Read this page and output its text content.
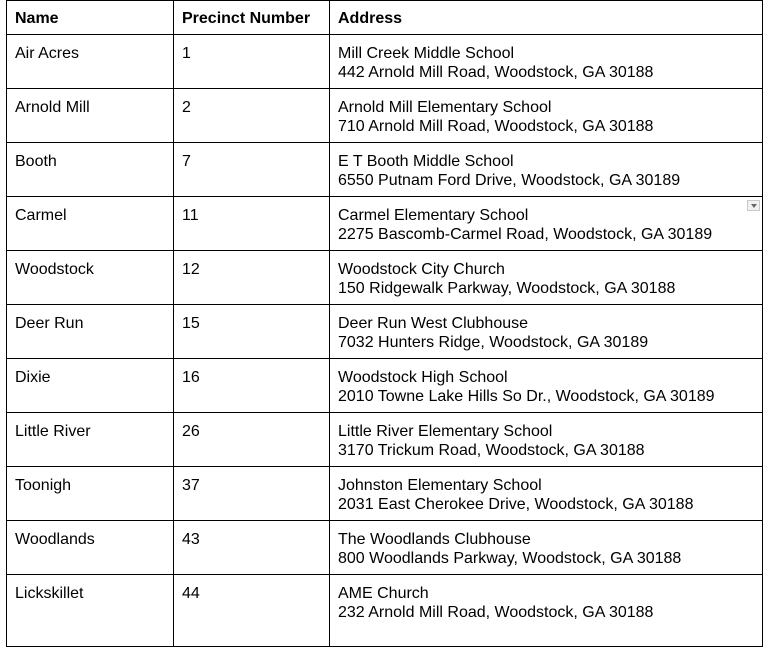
Name	Precinct Number	Address
Air Acres	1	Mill Creek Middle School
442 Arnold Mill Road, Woodstock, GA 30188

Arnold Mill	2	Arnold Mill Elementary School
710 Arnold Mill Road, Woodstock, GA 30188

Booth	7	E T Booth Middle School
6550 Putnam Ford Drive, Woodstock, GA 30189

Carmel	11	Carmel Elementary School
2275 Bascomb-Carmel Road, Woodstock, GA 30189

Woodstock	12	Woodstock City Church
150 Ridgewalk Parkway, Woodstock, GA 30188

Deer Run	15	Deer Run West Clubhouse
7032 Hunters Ridge, Woodstock, GA 30189

Dixie	16	Woodstock High School
2010 Towne Lake Hills So Dr., Woodstock, GA 30189

Little River	26	Little River Elementary School
3170 Trickum Road, Woodstock, GA 30188

Toonigh	37	Johnston Elementary School
2031 East Cherokee Drive, Woodstock, GA 30188

Woodlands	43	The Woodlands Clubhouse
800 Woodlands Parkway, Woodstock, GA 30188

Lickskillet	44	AME Church
232 Arnold Mill Road, Woodstock, GA 30188
